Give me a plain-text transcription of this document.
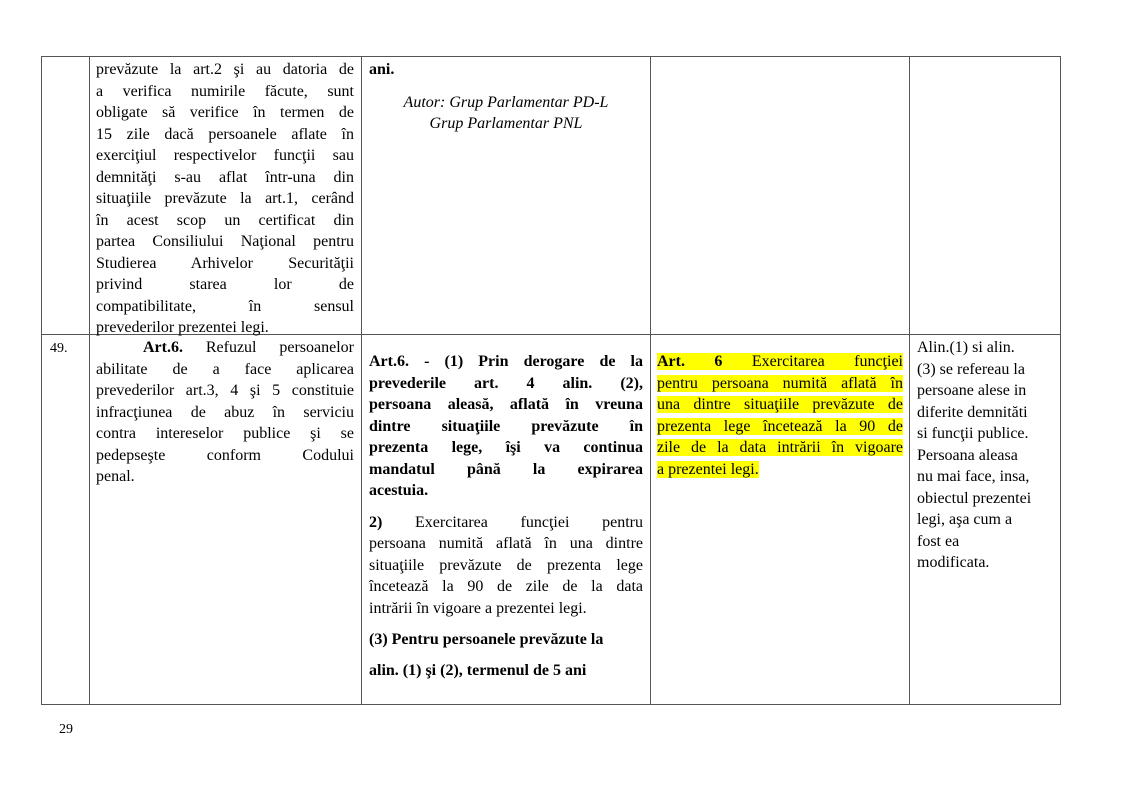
prevăzute la art.2 şi au datoria de
a verifica numirile făcute, sunt
obligate să verifice în termen de
15 zile dacă persoanele aflate în
exerciţiul respectivelor funcţii sau
demnităţi s-au aflat într-una din
situaţiile prevăzute la art.1, cerând
în acest scop un certificat din
partea Consiliului Naţional pentru
Studierea Arhivelor Securităţii
privind starea lor de
compatibilitate, în sensul
prevederilor prezentei legi.
ani.
Autor: Grup Parlamentar PD-L
Grup Parlamentar PNL
49.	Art.6. Refuzul persoanelor
abilitate de a face aplicarea
prevederilor art.3, 4 şi 5 constituie
infracţiunea de abuz în serviciu
contra intereselor publice şi se
pedepseşte conform Codului
penal.
Art.6. - (1) Prin derogare de la
prevederile art. 4 alin. (2),
persoana aleasă, aflată în vreuna
dintre situaţiile prevăzute în
prezenta lege, îşi va continua
mandatul până la expirarea
acestuia.
2) Exercitarea funcţiei pentru
persoana numită aflată în una dintre
situaţiile prevăzute de prezenta lege
încetează la 90 de zile de la data
intrării în vigoare a prezentei legi.
(3) Pentru persoanele prevăzute la
alin. (1) şi (2), termenul de 5 ani
Art. 6 Exercitarea funcţiei
pentru persoana numită aflată în
una dintre situaţiile prevăzute de
prezenta lege încetează la 90 de
zile de la data intrării în vigoare
a prezentei legi.
Alin.(1) si alin.
(3) se refereau la
persoane alese in
diferite demnităti
si funcţii publice.
Persoana aleasa
nu mai face, insa,
obiectul prezentei
legi, aşa cum a
fost ea
modificata.
29
